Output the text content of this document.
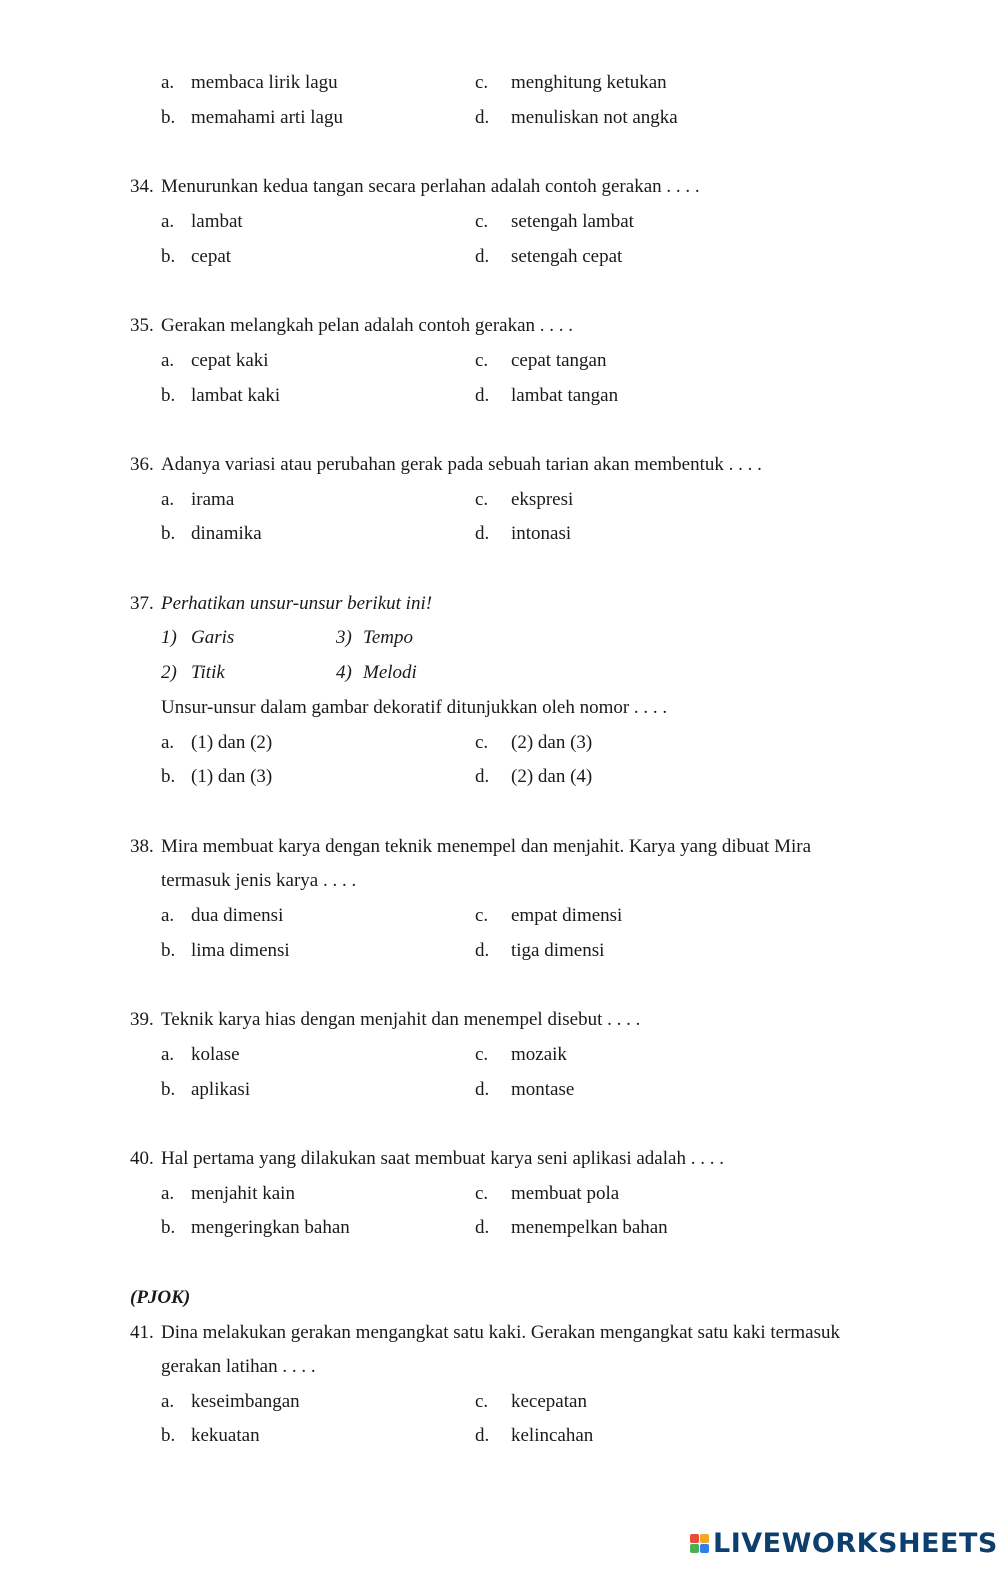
a. membaca lirik lagu	c. menghitung ketukan
b. memahami arti lagu	d. menuliskan not angka
34. Menurunkan kedua tangan secara perlahan adalah contoh gerakan . . . .
a. lambat	c. setengah lambat
b. cepat	d. setengah cepat
35. Gerakan melangkah pelan adalah contoh gerakan . . . .
a. cepat kaki	c. cepat tangan
b. lambat kaki	d. lambat tangan
36. Adanya variasi atau perubahan gerak pada sebuah tarian akan membentuk . . . .
a. irama	c. ekspresi
b. dinamika	d. intonasi
37. Perhatikan unsur-unsur berikut ini!
1) Garis	3) Tempo
2) Titik	4) Melodi
Unsur-unsur dalam gambar dekoratif ditunjukkan oleh nomor . . . .
a. (1) dan (2)	c. (2) dan (3)
b. (1) dan (3)	d. (2) dan (4)
38. Mira membuat karya dengan teknik menempel dan menjahit. Karya yang dibuat Mira
termasuk jenis karya . . . .
a. dua dimensi	c. empat dimensi
b. lima dimensi	d. tiga dimensi
39. Teknik karya hias dengan menjahit dan menempel disebut . . . .
a. kolase	c. mozaik
b. aplikasi	d. montase
40. Hal pertama yang dilakukan saat membuat karya seni aplikasi adalah . . . .
a. menjahit kain	c. membuat pola
b. mengeringkan bahan	d. menempelkan bahan
(PJOK)
41. Dina melakukan gerakan mengangkat satu kaki. Gerakan mengangkat satu kaki termasuk
gerakan latihan . . . .
a. keseimbangan	c. kecepatan
b. kekuatan	d. kelincahan
LIVEWORKSHEETS
